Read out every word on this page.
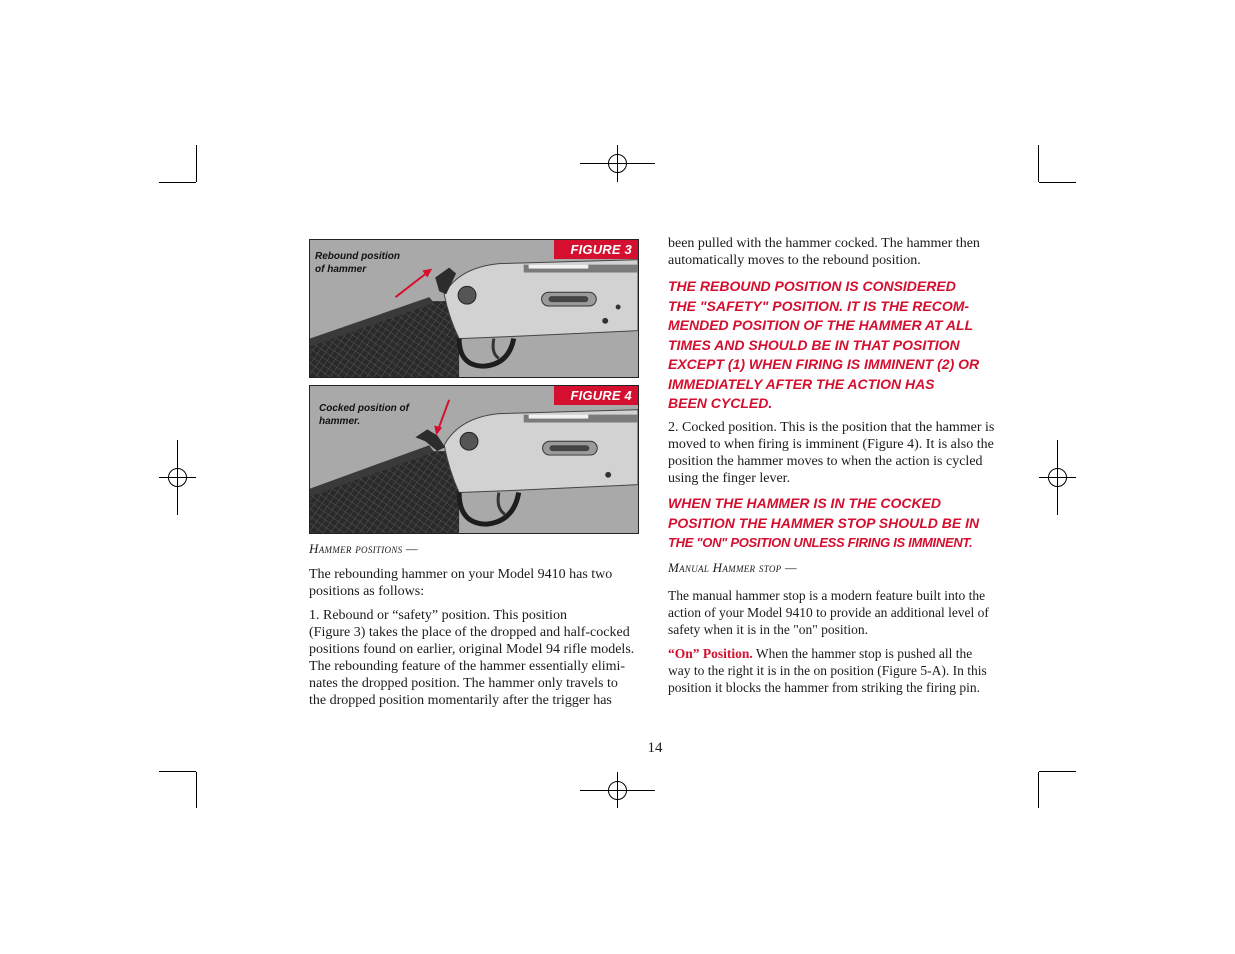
FIGURE 3
Rebound position
of hammer
FIGURE 4
Cocked position of
hammer.
Hammer positions —

The rebounding hammer on your Model 9410 has two positions as follows:

1. Rebound or “safety” position. This position
(Figure 3) takes the place of the dropped and half-cocked
positions found on earlier, original Model 94 rifle models.
The rebounding feature of the hammer essentially elimi-
nates the dropped position. The hammer only travels to
the dropped position momentarily after the trigger has

been pulled with the hammer cocked. The hammer then automatically moves to the rebound position.

THE REBOUND POSITION IS CONSIDERED
THE "SAFETY" POSITION. IT IS THE RECOM-
MENDED POSITION OF THE HAMMER AT ALL
TIMES AND SHOULD BE IN THAT POSITION
EXCEPT (1) WHEN FIRING IS IMMINENT (2) OR
IMMEDIATELY AFTER THE ACTION HAS
BEEN CYCLED.

2. Cocked position. This is the position that the hammer is moved to when firing is imminent (Figure 4). It is also the position the hammer moves to when the action is cycled using the finger lever.

WHEN THE HAMMER IS IN THE COCKED
POSITION THE HAMMER STOP SHOULD BE IN
THE "ON" POSITION UNLESS FIRING IS IMMINENT.
Manual Hammer stop —

The manual hammer stop is a modern feature built into the action of your Model 9410 to provide an additional level of safety when it is in the "on" position.

“On” Position. When the hammer stop is pushed all the way to the right it is in the on position (Figure 5-A). In this position it blocks the hammer from striking the firing pin.

14
